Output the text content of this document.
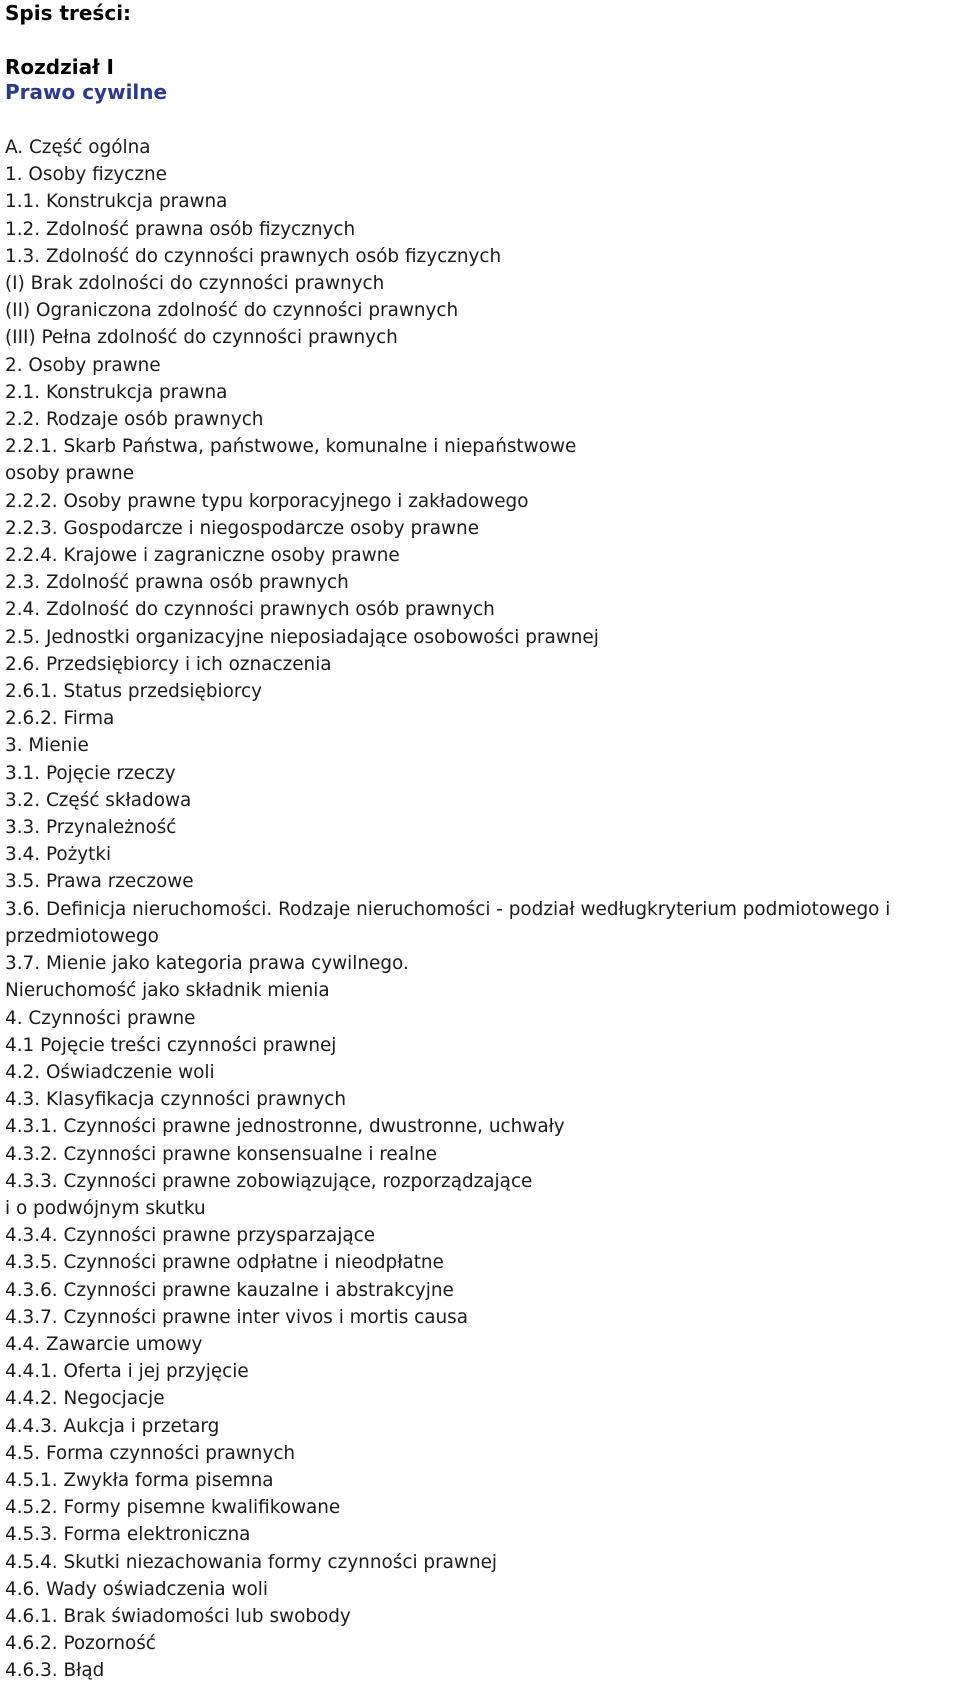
Spis treści:
Rozdział I
Prawo cywilne
A. Część ogólna
1. Osoby fizyczne
1.1. Konstrukcja prawna
1.2. Zdolność prawna osób fizycznych
1.3. Zdolność do czynności prawnych osób fizycznych
(I) Brak zdolności do czynności prawnych
(II) Ograniczona zdolność do czynności prawnych
(III) Pełna zdolność do czynności prawnych
2. Osoby prawne
2.1. Konstrukcja prawna
2.2. Rodzaje osób prawnych
2.2.1. Skarb Państwa, państwowe, komunalne i niepaństwowe
osoby prawne
2.2.2. Osoby prawne typu korporacyjnego i zakładowego
2.2.3. Gospodarcze i niegospodarcze osoby prawne
2.2.4. Krajowe i zagraniczne osoby prawne
2.3. Zdolność prawna osób prawnych
2.4. Zdolność do czynności prawnych osób prawnych
2.5. Jednostki organizacyjne nieposiadające osobowości prawnej
2.6. Przedsiębiorcy i ich oznaczenia
2.6.1. Status przedsiębiorcy
2.6.2. Firma
3. Mienie
3.1. Pojęcie rzeczy
3.2. Część składowa
3.3. Przynależność
3.4. Pożytki
3.5. Prawa rzeczowe
3.6. Definicja nieruchomości. Rodzaje nieruchomości - podział wedługkryterium podmiotowego i
przedmiotowego
3.7. Mienie jako kategoria prawa cywilnego.
Nieruchomość jako składnik mienia
4. Czynności prawne
4.1 Pojęcie treści czynności prawnej
4.2. Oświadczenie woli
4.3. Klasyfikacja czynności prawnych
4.3.1. Czynności prawne jednostronne, dwustronne, uchwały
4.3.2. Czynności prawne konsensualne i realne
4.3.3. Czynności prawne zobowiązujące, rozporządzające
i o podwójnym skutku
4.3.4. Czynności prawne przysparzające
4.3.5. Czynności prawne odpłatne i nieodpłatne
4.3.6. Czynności prawne kauzalne i abstrakcyjne
4.3.7. Czynności prawne inter vivos i mortis causa
4.4. Zawarcie umowy
4.4.1. Oferta i jej przyjęcie
4.4.2. Negocjacje
4.4.3. Aukcja i przetarg
4.5. Forma czynności prawnych
4.5.1. Zwykła forma pisemna
4.5.2. Formy pisemne kwalifikowane
4.5.3. Forma elektroniczna
4.5.4. Skutki niezachowania formy czynności prawnej
4.6. Wady oświadczenia woli
4.6.1. Brak świadomości lub swobody
4.6.2. Pozorność
4.6.3. Błąd
